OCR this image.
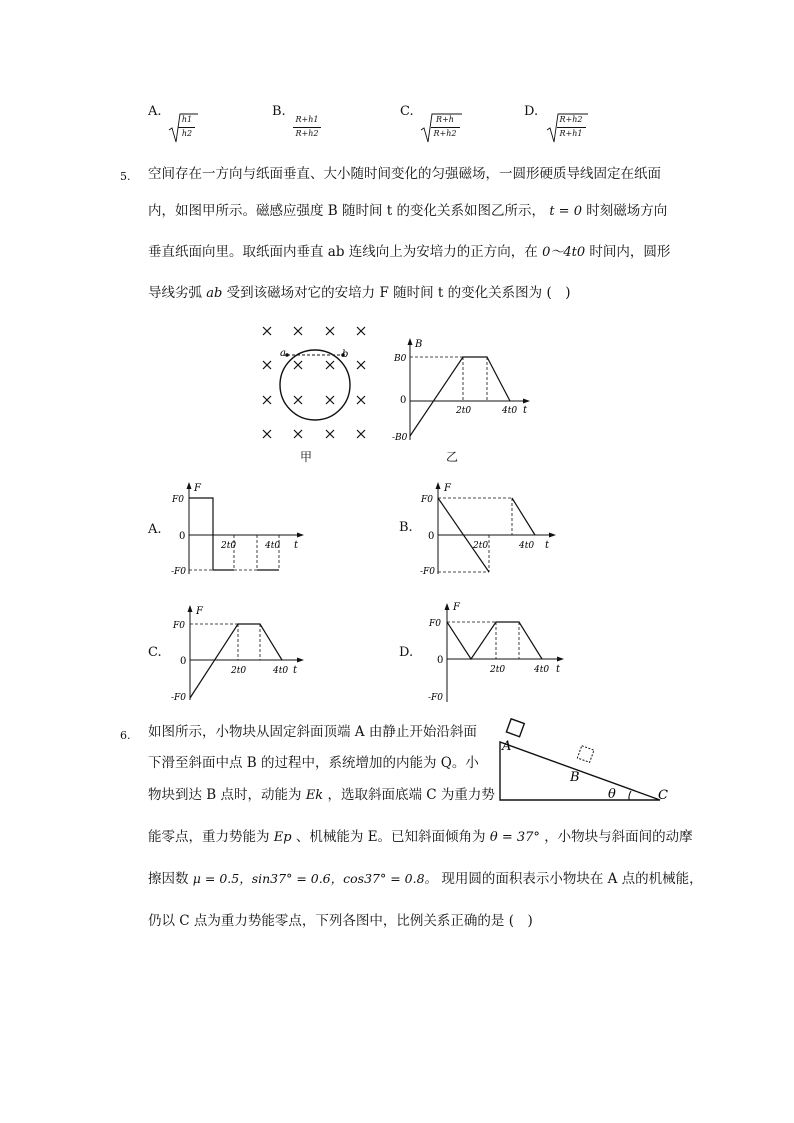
A.	B.	C.	D.
h1
h2
R+h1
R+h2
R+h
R+h2
R+h2
R+h1
5. 空间存在一方向与纸面垂直、大小随时间变化的匀强磁场，一圆形硬质导线固定在纸面
内，如图甲所示。磁感应强度 B 随时间 t 的变化关系如图乙所示， t = 0 时刻磁场方向
垂直纸面向里。取纸面内垂直 ab 连线向上为安培力的正方向，在 0～4t0 时间内，圆形
导线劣弧 ab 受到该磁场对它的安培力 F 随时间 t 的变化关系图为 (　)
a	b
甲
B
B0
0
-B0
2t0	4t0 t
乙
A.
F
F0
0
-F0
2t0	4t0 t
B.
F
F0
0
-F0
2t0	4t0 t
C.
F
F0
0
-F0
2t0	4t0 t
D.
F
F0
0
-F0
2t0	4t0 t
6. 如图所示，小物块从固定斜面顶端 A 由静止开始沿斜面
下滑至斜面中点 B 的过程中，系统增加的内能为 Q。小
物块到达 B 点时，动能为 Ek ，选取斜面底端 C 为重力势
能零点，重力势能为 Ep 、机械能为 E。已知斜面倾角为 θ = 37° ，小物块与斜面间的动摩
擦因数 μ = 0.5，sin37° = 0.6，cos37° = 0.8。 现用圆的面积表示小物块在 A 点的机械能，
仍以 C 点为重力势能零点，下列各图中，比例关系正确的是 (　)
A
B
C
θ
